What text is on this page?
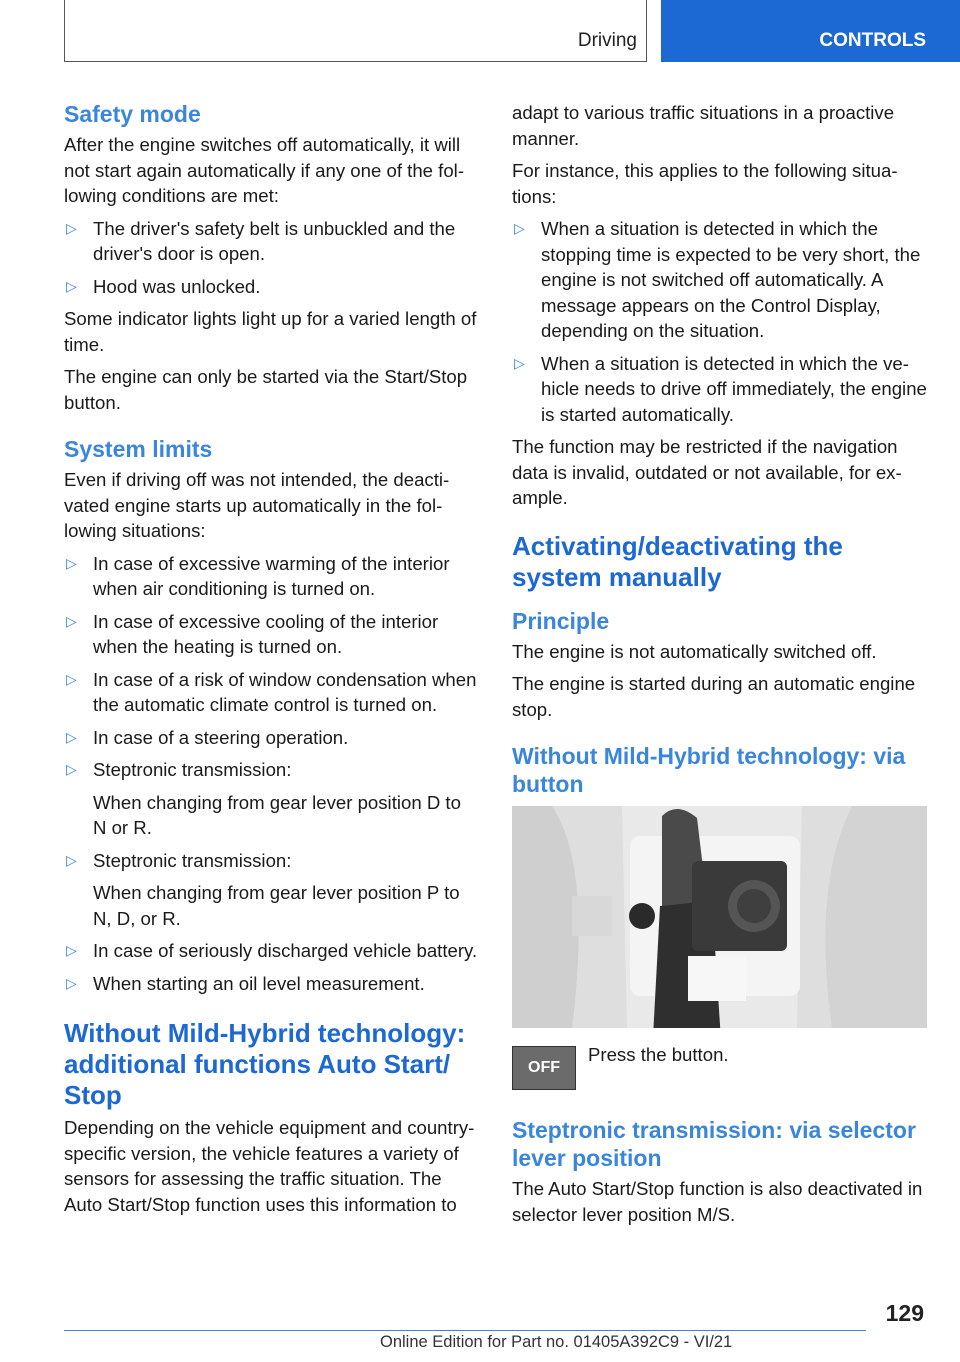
Driving	CONTROLS
Safety mode

After the engine switches off automatically, it will not start again automatically if any one of the following conditions are met:

▷ The driver's safety belt is unbuckled and the driver's door is open.
▷ Hood was unlocked.

Some indicator lights light up for a varied length of time.

The engine can only be started via the Start/Stop button.

System limits

Even if driving off was not intended, the deactivated engine starts up automatically in the following situations:

▷ In case of excessive warming of the interior when air conditioning is turned on.
▷ In case of excessive cooling of the interior when the heating is turned on.
▷ In case of a risk of window condensation when the automatic climate control is turned on.
▷ In case of a steering operation.
▷ Steptronic transmission:
When changing from gear lever position D to N or R.
▷ Steptronic transmission:
When changing from gear lever position P to N, D, or R.
▷ In case of seriously discharged vehicle battery.
▷ When starting an oil level measurement.
Without Mild-Hybrid technology: additional functions Auto Start/ Stop

Depending on the vehicle equipment and country-specific version, the vehicle features a variety of sensors for assessing the traffic situation. The Auto Start/Stop function uses this information to

adapt to various traffic situations in a proactive manner.

For instance, this applies to the following situations:

▷ When a situation is detected in which the stopping time is expected to be very short, the engine is not switched off automatically. A message appears on the Control Display, depending on the situation.
▷ When a situation is detected in which the vehicle needs to drive off immediately, the engine is started automatically.

The function may be restricted if the navigation data is invalid, outdated or not available, for example.

Activating/deactivating the system manually
Principle

The engine is not automatically switched off.

The engine is started during an automatic engine stop.

Without Mild-Hybrid technology: via button
OFF

Press the button.

Steptronic transmission: via selector lever position

The Auto Start/Stop function is also deactivated in selector lever position M/S.

129
Online Edition for Part no. 01405A392C9 - VI/21
